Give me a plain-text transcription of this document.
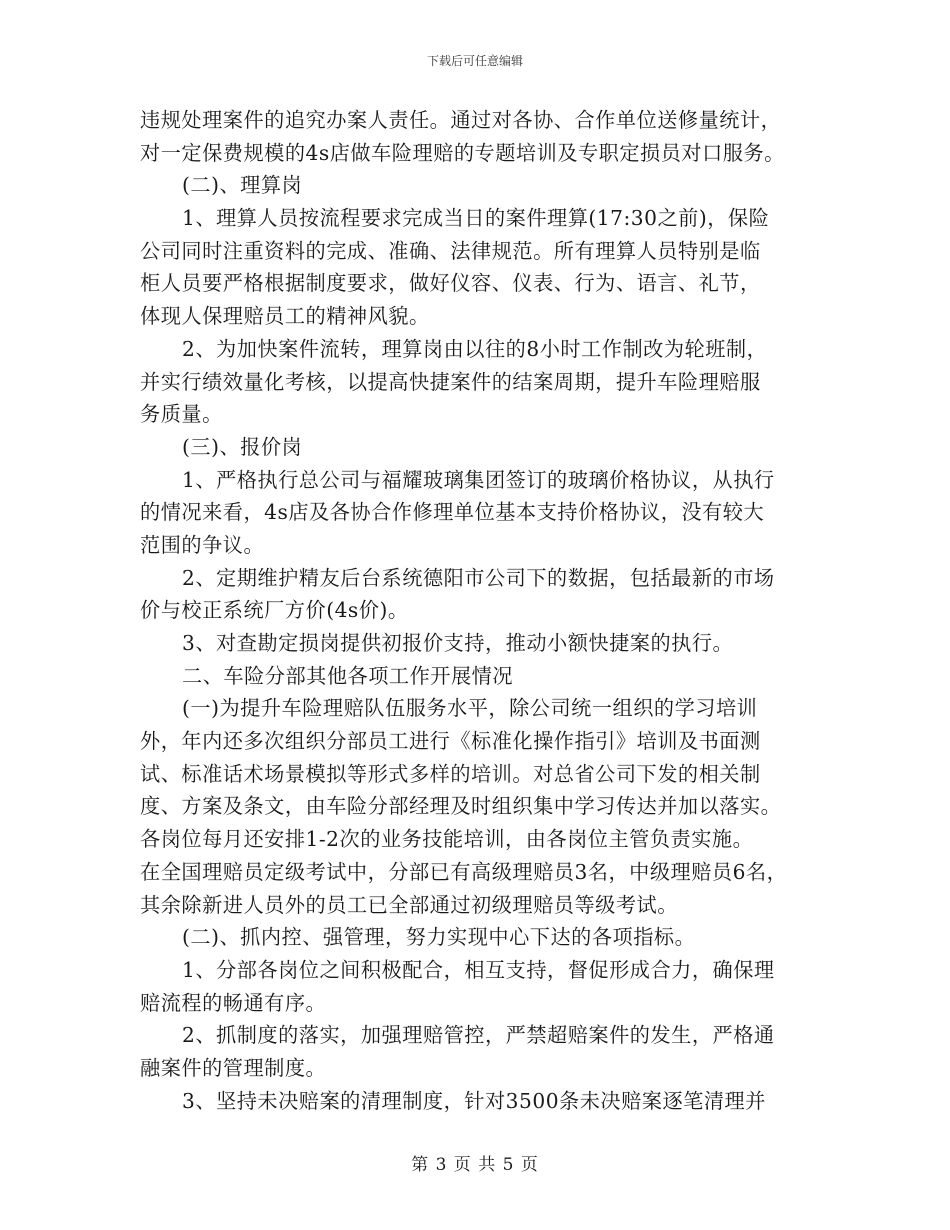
下载后可任意编辑
违规处理案件的追究办案人责任。通过对各协、合作单位送修量统计，
对一定保费规模的4s店做车险理赔的专题培训及专职定损员对口服务。
(二)、理算岗
1、理算人员按流程要求完成当日的案件理算(17:30之前)，保险
公司同时注重资料的完成、准确、法律规范。所有理算人员特别是临
柜人员要严格根据制度要求，做好仪容、仪表、行为、语言、礼节，
体现人保理赔员工的精神风貌。
2、为加快案件流转，理算岗由以往的8小时工作制改为轮班制，
并实行绩效量化考核，以提高快捷案件的结案周期，提升车险理赔服
务质量。
(三)、报价岗
1、严格执行总公司与福耀玻璃集团签订的玻璃价格协议，从执行
的情况来看，4s店及各协合作修理单位基本支持价格协议，没有较大
范围的争议。
2、定期维护精友后台系统德阳市公司下的数据，包括最新的市场
价与校正系统厂方价(4s价)。
3、对查勘定损岗提供初报价支持，推动小额快捷案的执行。
二、车险分部其他各项工作开展情况
(一)为提升车险理赔队伍服务水平，除公司统一组织的学习培训
外，年内还多次组织分部员工进行《标准化操作指引》培训及书面测
试、标准话术场景模拟等形式多样的培训。对总省公司下发的相关制
度、方案及条文，由车险分部经理及时组织集中学习传达并加以落实。
各岗位每月还安排1-2次的业务技能培训，由各岗位主管负责实施。
在全国理赔员定级考试中，分部已有高级理赔员3名，中级理赔员6名，
其余除新进人员外的员工已全部通过初级理赔员等级考试。
(二)、抓内控、强管理，努力实现中心下达的各项指标。
1、分部各岗位之间积极配合，相互支持，督促形成合力，确保理
赔流程的畅通有序。
2、抓制度的落实，加强理赔管控，严禁超赔案件的发生，严格通
融案件的管理制度。
3、坚持未决赔案的清理制度，针对3500条未决赔案逐笔清理并
第 3 页 共 5 页
